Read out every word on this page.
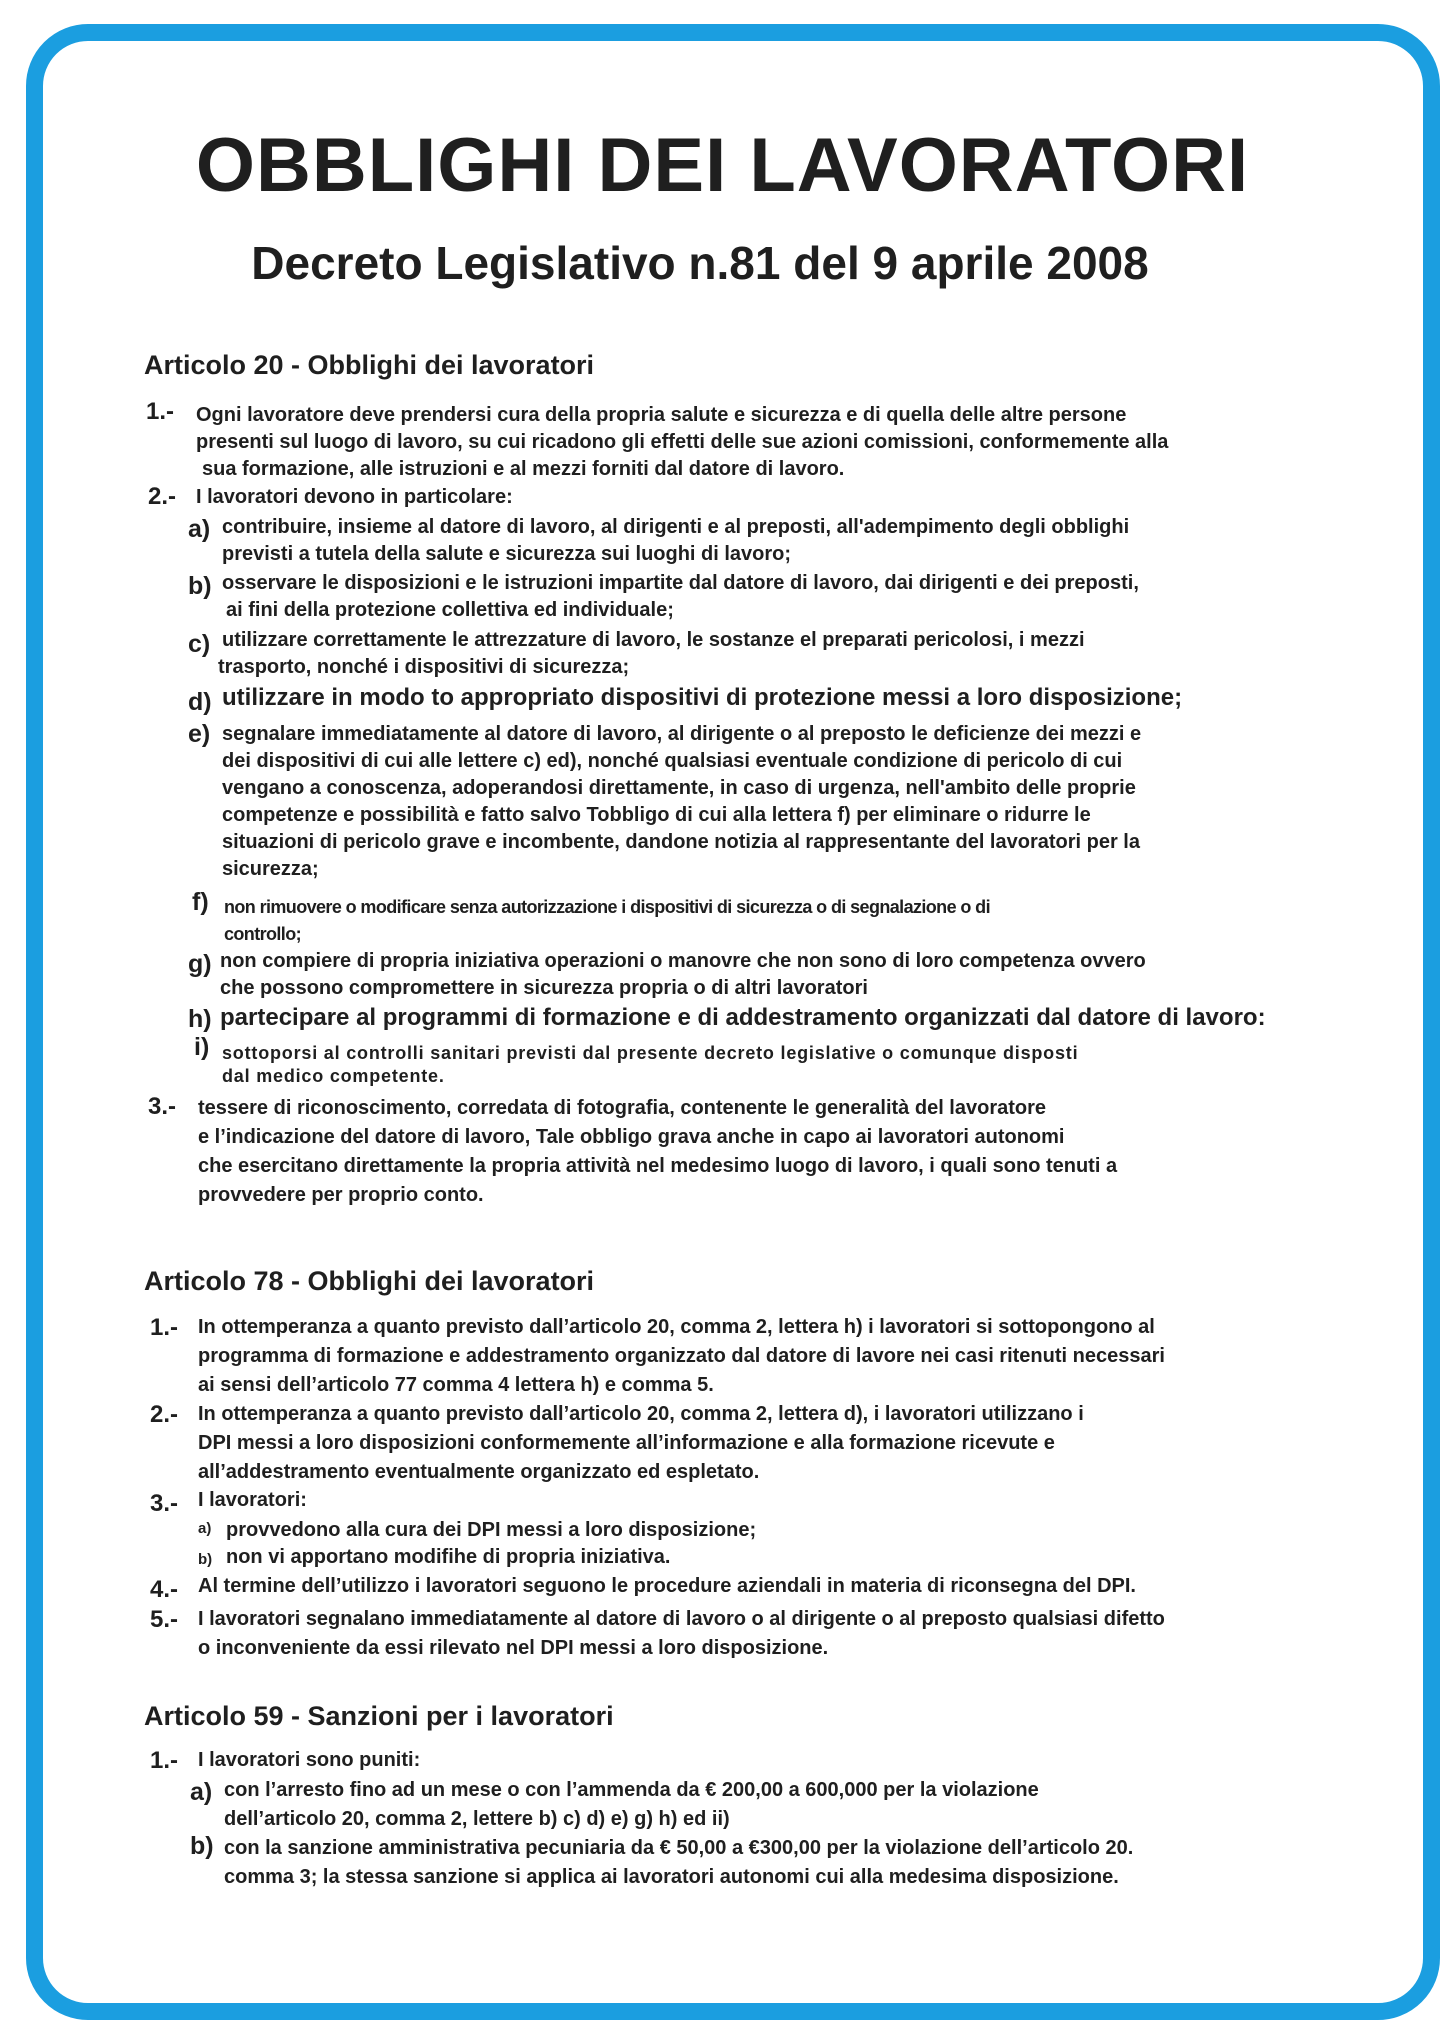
OBBLIGHI DEI LAVORATORI
Decreto Legislativo n.81 del 9 aprile 2008
Articolo 20 - Obblighi dei lavoratori
1.- Ogni lavoratore deve prendersi cura della propria salute e sicurezza e di quella delle altre persone
presenti sul luogo di lavoro, su cui ricadono gli effetti delle sue azioni comissioni, conformemente alla
sua formazione, alle istruzioni e al mezzi forniti dal datore di lavoro.
2.- I lavoratori devono in particolare:
a) contribuire, insieme al datore di lavoro, al dirigenti e al preposti, all'adempimento degli obblighi
previsti a tutela della salute e sicurezza sui luoghi di lavoro;
b) osservare le disposizioni e le istruzioni impartite dal datore di lavoro, dai dirigenti e dei preposti,
ai fini della protezione collettiva ed individuale;
c) utilizzare correttamente le attrezzature di lavoro, le sostanze el preparati pericolosi, i mezzi
trasporto, nonché i dispositivi di sicurezza;
d) utilizzare in modo to appropriato dispositivi di protezione messi a loro disposizione;
e) segnalare immediatamente al datore di lavoro, al dirigente o al preposto le deficienze dei mezzi e
dei dispositivi di cui alle lettere c) ed), nonché qualsiasi eventuale condizione di pericolo di cui
vengano a conoscenza, adoperandosi direttamente, in caso di urgenza, nell'ambito delle proprie
competenze e possibilità e fatto salvo Tobbligo di cui alla lettera f) per eliminare o ridurre le
situazioni di pericolo grave e incombente, dandone notizia al rappresentante del lavoratori per la
sicurezza;
f) non rimuovere o modificare senza autorizzazione i dispositivi di sicurezza o di segnalazione o di
controllo;
g) non compiere di propria iniziativa operazioni o manovre che non sono di loro competenza ovvero
che possono compromettere in sicurezza propria o di altri lavoratori
h) partecipare al programmi di formazione e di addestramento organizzati dal datore di lavoro:
i) sottoporsi al controlli sanitari previsti dal presente decreto legislative o comunque disposti
dal medico competente.
3.- tessere di riconoscimento, corredata di fotografia, contenente le generalità del lavoratore
e l’indicazione del datore di lavoro, Tale obbligo grava anche in capo ai lavoratori autonomi
che esercitano direttamente la propria attività nel medesimo luogo di lavoro, i quali sono tenuti a
provvedere per proprio conto.
Articolo 78 - Obblighi dei lavoratori
1.- In ottemperanza a quanto previsto dall’articolo 20, comma 2, lettera h) i lavoratori si sottopongono al
programma di formazione e addestramento organizzato dal datore di lavore nei casi ritenuti necessari
ai sensi dell’articolo 77 comma 4 lettera h) e comma 5.
2.- In ottemperanza a quanto previsto dall’articolo 20, comma 2, lettera d), i lavoratori utilizzano i
DPI messi a loro disposizioni conformemente all’informazione e alla formazione ricevute e
all’addestramento eventualmente organizzato ed espletato.
3.- I lavoratori:
a) provvedono alla cura dei DPI messi a loro disposizione;
b) non vi apportano modifihe di propria iniziativa.
4.- Al termine dell’utilizzo i lavoratori seguono le procedure aziendali in materia di riconsegna del DPI.
5.- I lavoratori segnalano immediatamente al datore di lavoro o al dirigente o al preposto qualsiasi difetto
o inconveniente da essi rilevato nel DPI messi a loro disposizione.
Articolo 59 - Sanzioni per i lavoratori
1.- I lavoratori sono puniti:
a) con l’arresto fino ad un mese o con l’ammenda da € 200,00 a 600,000 per la violazione
dell’articolo 20, comma 2, lettere b) c) d) e) g) h) ed ii)
b) con la sanzione amministrativa pecuniaria da € 50,00 a €300,00 per la violazione dell’articolo 20.
comma 3; la stessa sanzione si applica ai lavoratori autonomi cui alla medesima disposizione.
